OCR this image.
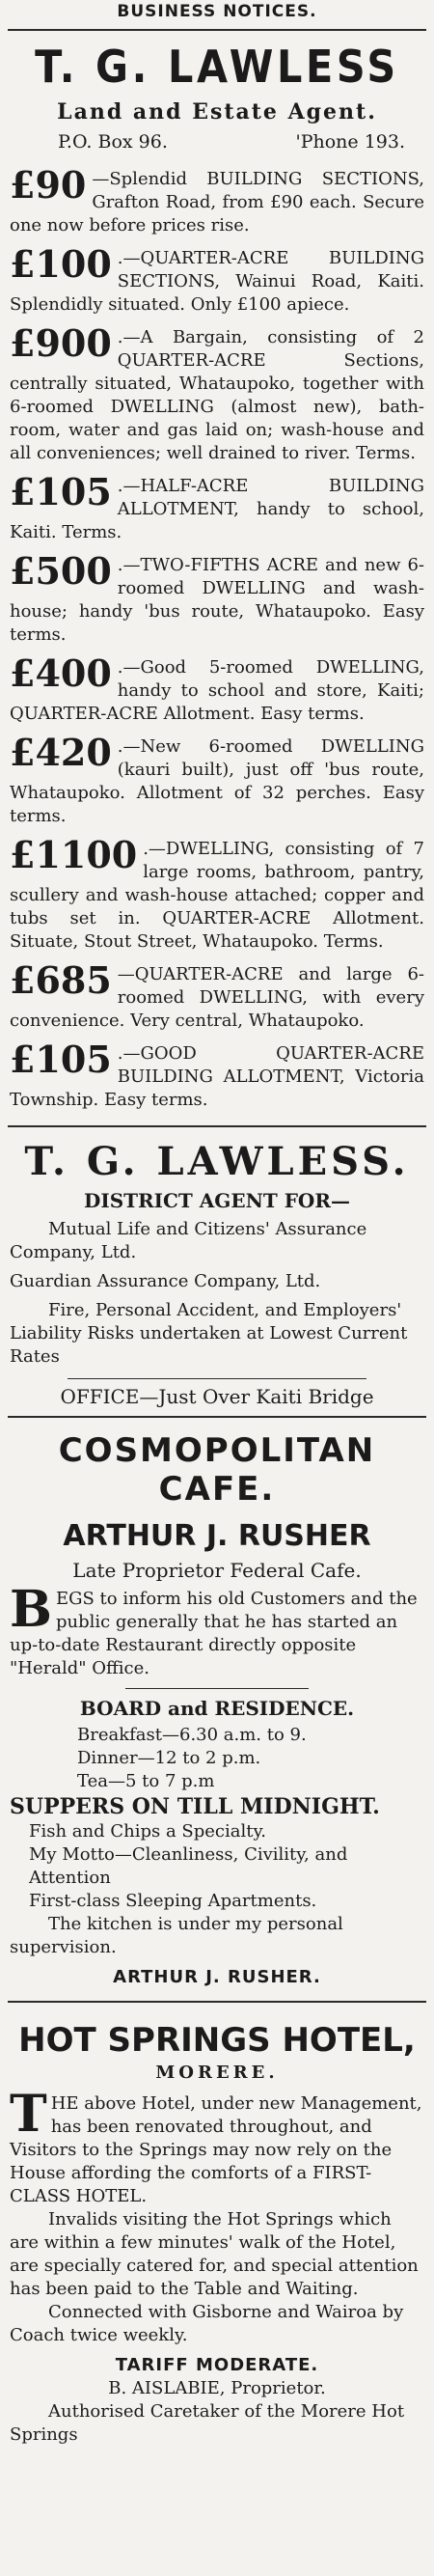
BUSINESS NOTICES.
T. G. LAWLESS
Land and Estate Agent.
P.O. Box 96.	'Phone 193.
£90 —Splendid BUILDING SECTIONS, Grafton Road, from £90 each. Secure one now before prices rise.
£100 .—QUARTER-ACRE BUILDING SECTIONS, Wainui Road, Kaiti. Splendidly situated. Only £100 apiece.
£900 .—A Bargain, consisting of 2 QUARTER-ACRE Sections, centrally situated, Whataupoko, together with 6-roomed DWELLING (almost new), bath-room, water and gas laid on; wash-house and all conveniences; well drained to river. Terms.
£105 .—HALF-ACRE BUILDING ALLOTMENT, handy to school, Kaiti. Terms.
£500 .—TWO-FIFTHS ACRE and new 6-roomed DWELLING and wash-house; handy 'bus route, Whataupoko. Easy terms.
£400 .—Good 5-roomed DWELLING, handy to school and store, Kaiti; QUARTER-ACRE Allotment. Easy terms.
£420 .—New 6-roomed DWELLING (kauri built), just off 'bus route, Whataupoko. Allotment of 32 perches. Easy terms.
£1100 .—DWELLING, consisting of 7 large rooms, bathroom, pantry, scullery and wash-house attached; copper and tubs set in. QUARTER-ACRE Allotment. Situate, Stout Street, Whataupoko. Terms.
£685 —QUARTER-ACRE and large 6-roomed DWELLING, with every convenience. Very central, Whataupoko.
£105 .—GOOD QUARTER-ACRE BUILDING ALLOTMENT, Victoria Township. Easy terms.
T. G. LAWLESS.
DISTRICT AGENT FOR—
Mutual Life and Citizens' Assurance Company, Ltd.
Guardian Assurance Company, Ltd.
Fire, Personal Accident, and Employers' Liability Risks undertaken at Lowest Current Rates
OFFICE—Just Over Kaiti Bridge
COSMOPOLITAN
CAFE.
ARTHUR J. RUSHER
Late Proprietor Federal Cafe.
BEGS to inform his old Customers and the public generally that he has started an up-to-date Restaurant directly opposite "Herald" Office.
BOARD and RESIDENCE.
Breakfast—6.30 a.m. to 9.
Dinner—12 to 2 p.m.
Tea—5 to 7 p.m
SUPPERS ON TILL MIDNIGHT.
Fish and Chips a Specialty.
My Motto—Cleanliness, Civility, and Attention
First-class Sleeping Apartments.
The kitchen is under my personal supervision.
ARTHUR J. RUSHER.
HOT SPRINGS HOTEL,
MORERE.
THE above Hotel, under new Management, has been renovated throughout, and Visitors to the Springs may now rely on the House affording the comforts of a FIRST-CLASS HOTEL.
Invalids visiting the Hot Springs which are within a few minutes' walk of the Hotel, are specially catered for, and special attention has been paid to the Table and Waiting.
Connected with Gisborne and Wairoa by Coach twice weekly.
TARIFF MODERATE.
B. AISLABIE, Proprietor.
Authorised Caretaker of the Morere Hot Springs
